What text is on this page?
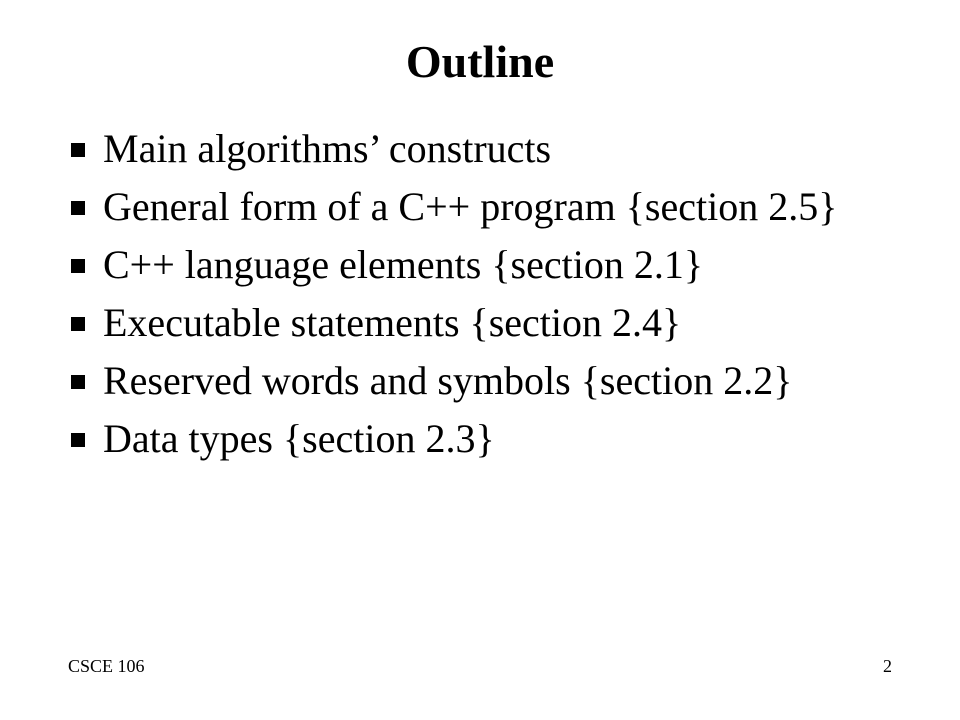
Outline
Main algorithms’ constructs
General form of a C++ program {section 2.5}
C++ language elements {section 2.1}
Executable statements {section 2.4}
Reserved words and symbols {section 2.2}
Data types {section 2.3}
CSCE 106	2
